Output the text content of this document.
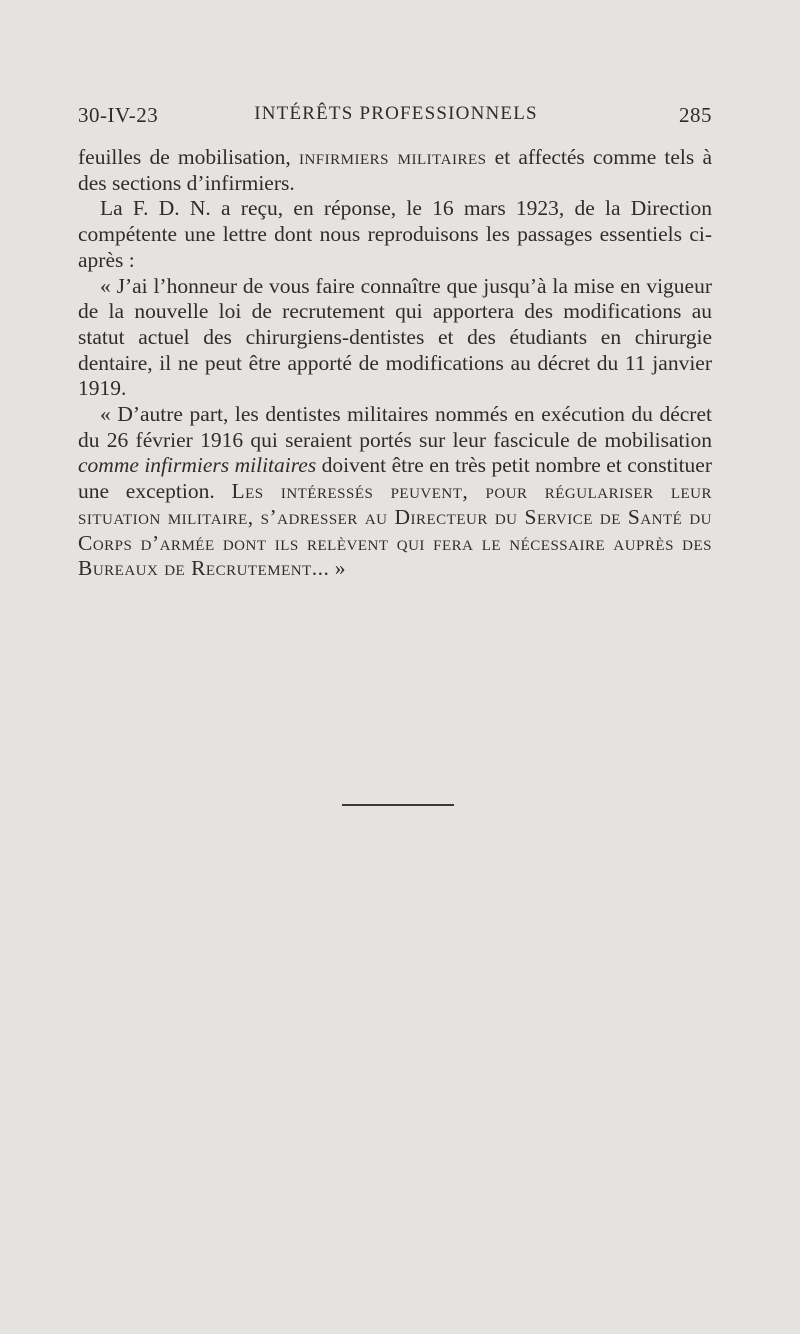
30-IV-23	INTÉRÊTS PROFESSIONNELS	285

feuilles de mobilisation, infirmiers militaires et affectés comme tels à des sections d’infirmiers.

La F. D. N. a reçu, en réponse, le 16 mars 1923, de la Direction compétente une lettre dont nous reproduisons les passages essentiels ci-après :

« J’ai l’honneur de vous faire connaître que jusqu’à la mise en vigueur de la nouvelle loi de recrutement qui apportera des modifications au statut actuel des chirurgiens-dentistes et des étudiants en chirurgie dentaire, il ne peut être apporté de modifications au décret du 11 janvier 1919.

« D’autre part, les dentistes militaires nommés en exécution du décret du 26 février 1916 qui seraient portés sur leur fascicule de mobilisation comme infirmiers militaires doivent être en très petit nombre et constituer une exception. Les intéressés peuvent, pour régulariser leur situation militaire, s’adresser au Directeur du Service de Santé du Corps d’armée dont ils relèvent qui fera le nécessaire auprès des Bureaux de Recrutement... »
